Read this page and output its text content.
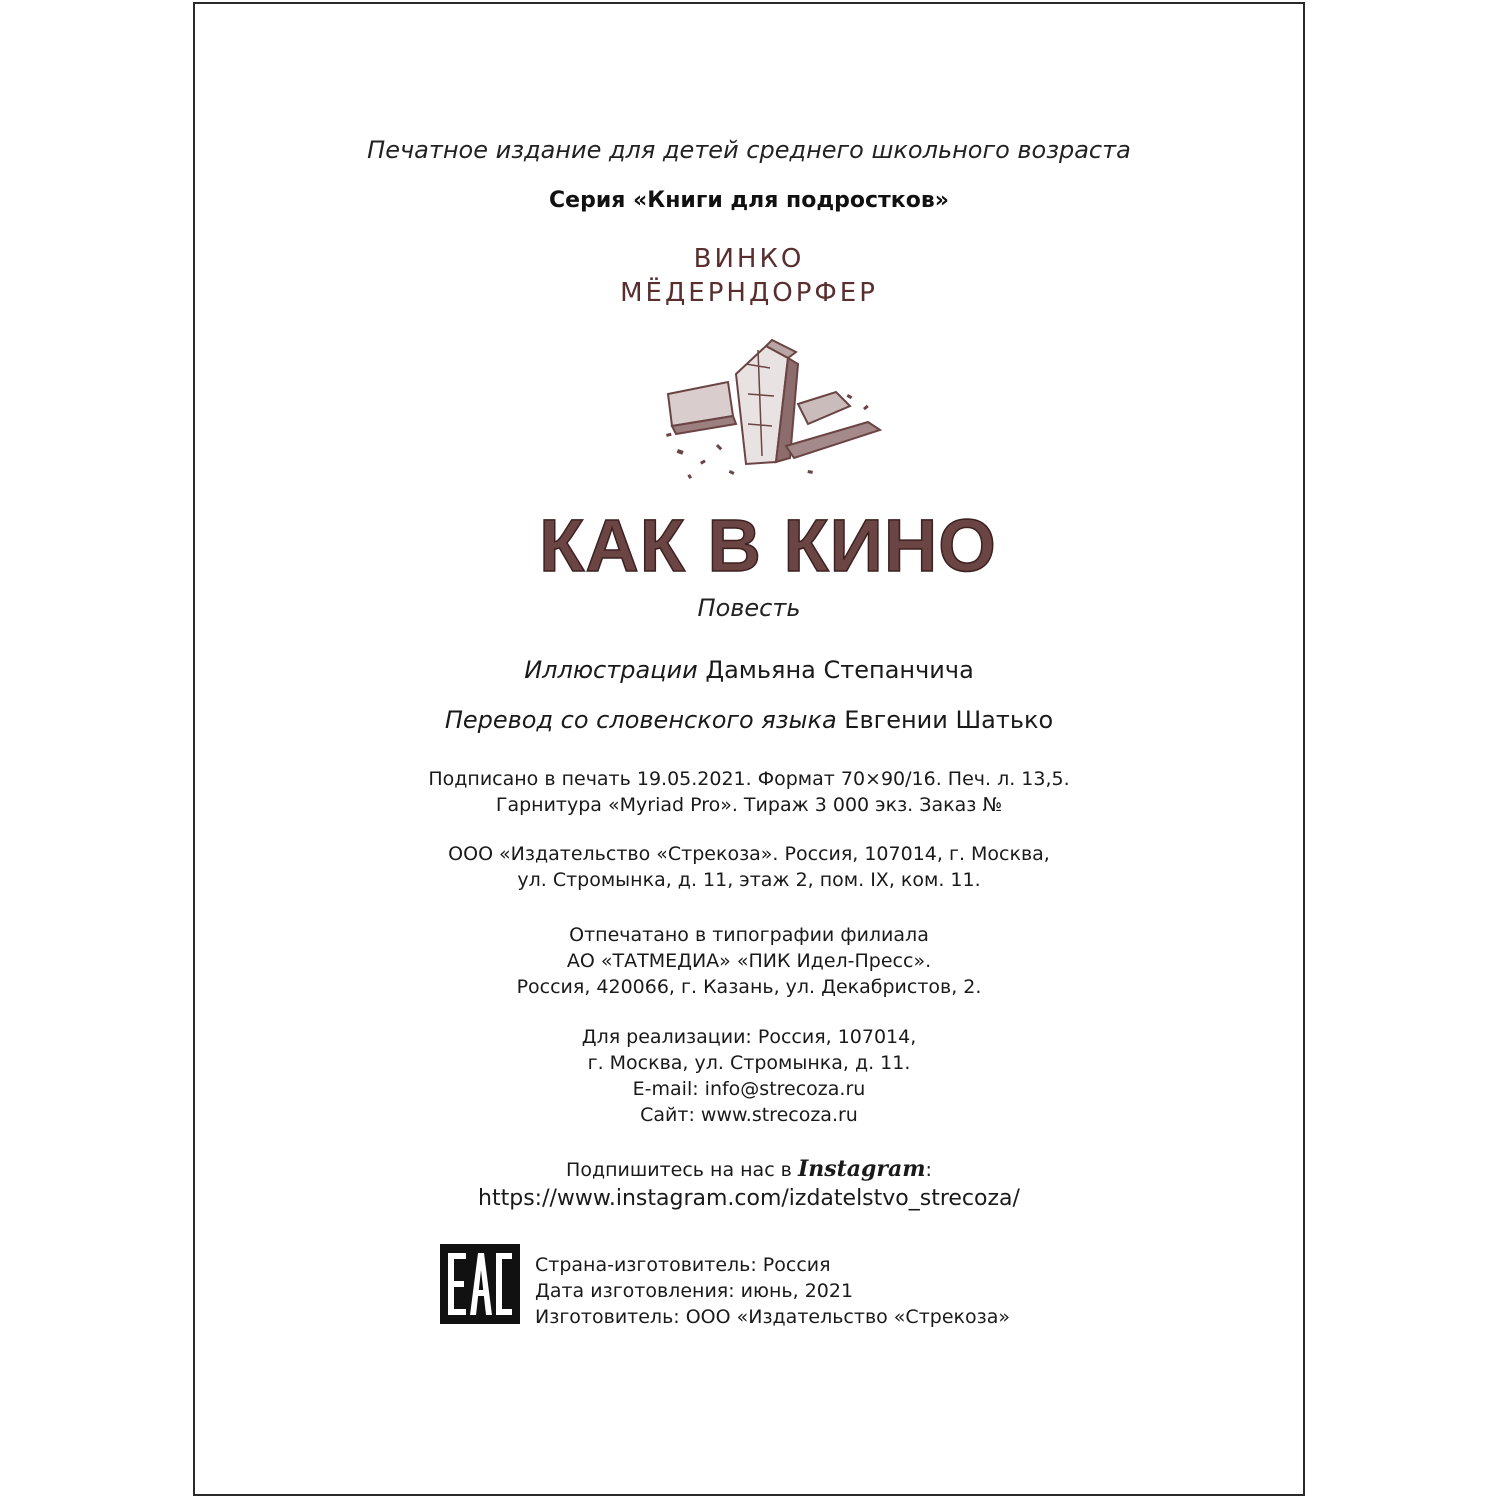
Печатное издание для детей среднего школьного возраста
Серия «Книги для подростков»
ВИНКО
МЁДЕРНДОРФЕР
КАК В КИНО
Повесть
Иллюстрации Дамьяна Степанчича
Перевод со словенского языка Евгении Шатько
Подписано в печать 19.05.2021. Формат 70×90/16. Печ. л. 13,5.
Гарнитура «Myriad Pro». Тираж 3 000 экз. Заказ №
ООО «Издательство «Стрекоза». Россия, 107014, г. Москва,
ул. Стромынка, д. 11, этаж 2, пом. IX, ком. 11.
Отпечатано в типографии филиала
АО «ТАТМЕДИА» «ПИК Идел-Пресс».
Россия, 420066, г. Казань, ул. Декабристов, 2.
Для реализации: Россия, 107014,
г. Москва, ул. Стромынка, д. 11.
E-mail: info@strecoza.ru
Сайт: www.strecoza.ru
Подпишитесь на нас в Instagram:
https://www.instagram.com/izdatelstvo_strecoza/
Страна-изготовитель: Россия
Дата изготовления: июнь, 2021
Изготовитель: ООО «Издательство «Стрекоза»
